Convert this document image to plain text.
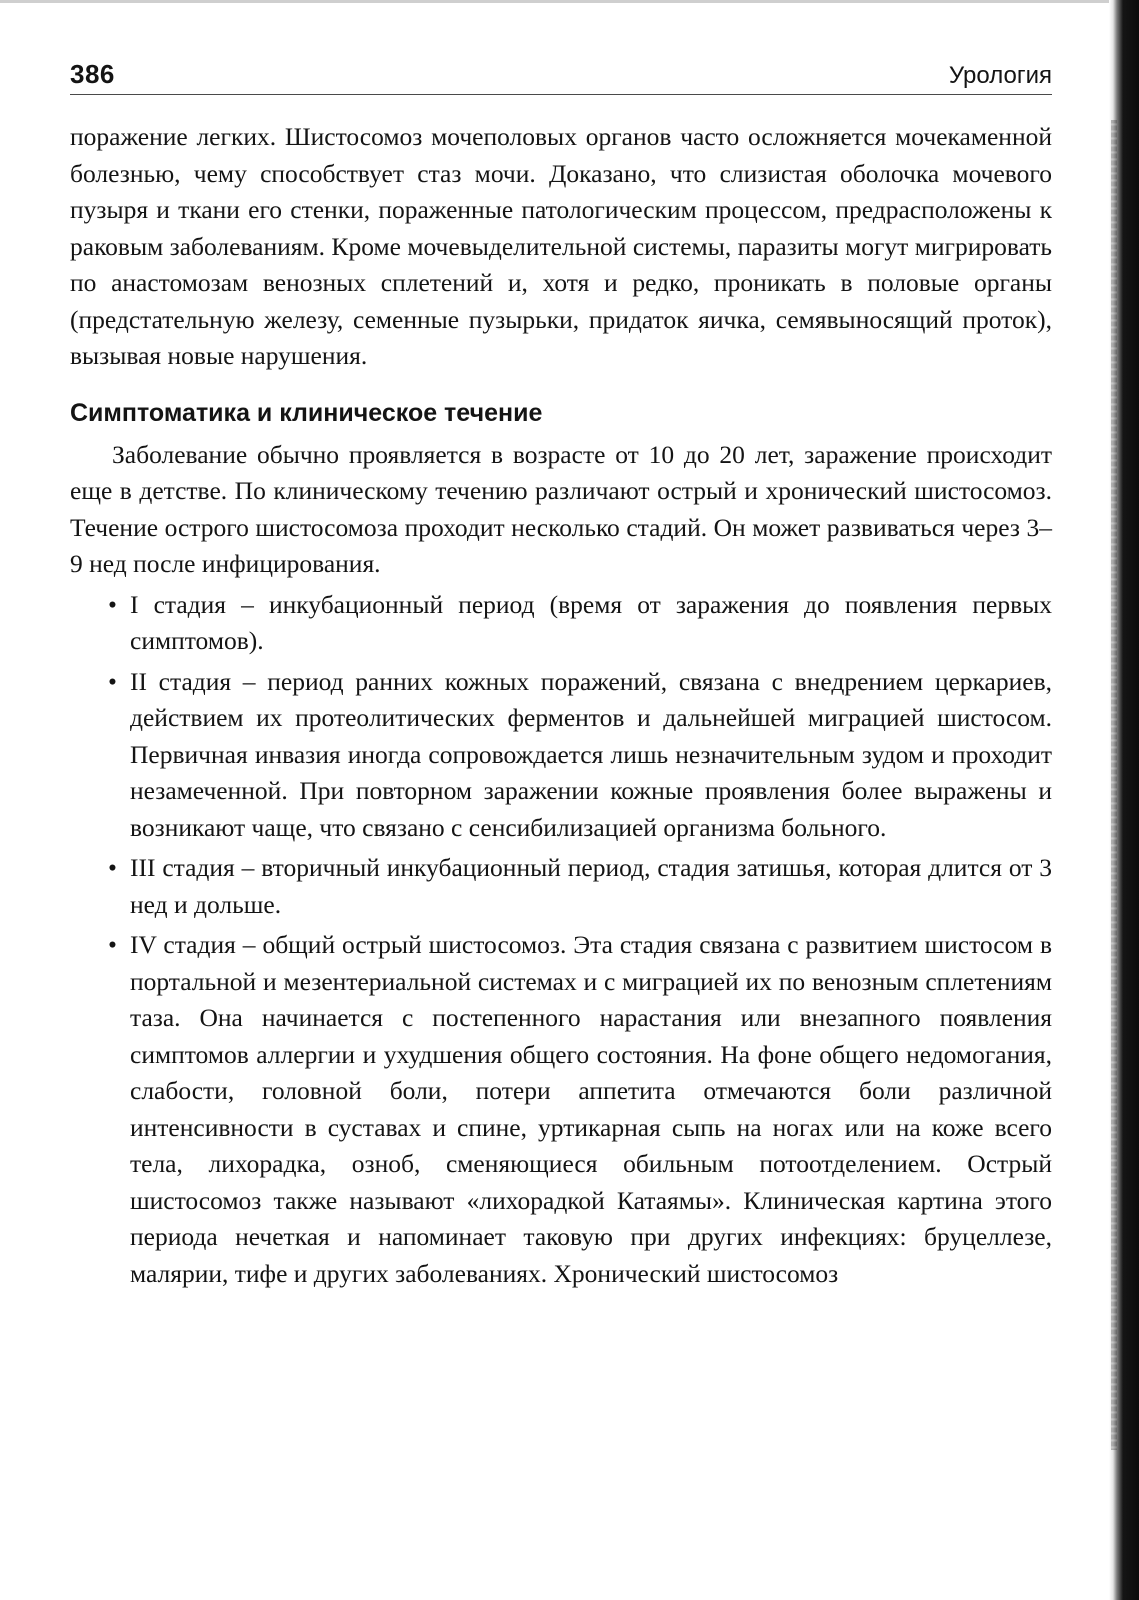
386	Урология

поражение легких. Шистосомоз мочеполовых органов часто осложняется мочекаменной болезнью, чему способствует стаз мочи. Доказано, что слизистая оболочка мочевого пузыря и ткани его стенки, пораженные патологическим процессом, предрасположены к раковым заболеваниям. Кроме мочевыделительной системы, паразиты могут мигрировать по анастомозам венозных сплетений и, хотя и редко, проникать в половые органы (предстательную железу, семенные пузырьки, придаток яичка, семявыносящий проток), вызывая новые нарушения.

Симптоматика и клиническое течение

Заболевание обычно проявляется в возрасте от 10 до 20 лет, заражение происходит еще в детстве. По клиническому течению различают острый и хронический шистосомоз. Течение острого шистосомоза проходит несколько стадий. Он может развиваться через 3–9 нед после инфицирования.

• I стадия – инкубационный период (время от заражения до появления первых симптомов).

• II стадия – период ранних кожных поражений, связана с внедрением церкариев, действием их протеолитических ферментов и дальнейшей миграцией шистосом. Первичная инвазия иногда сопровождается лишь незначительным зудом и проходит незамеченной. При повторном заражении кожные проявления более выражены и возникают чаще, что связано с сенсибилизацией организма больного.

• III стадия – вторичный инкубационный период, стадия затишья, которая длится от 3 нед и дольше.

• IV стадия – общий острый шистосомоз. Эта стадия связана с развитием шистосом в портальной и мезентериальной системах и с миграцией их по венозным сплетениям таза. Она начинается с постепенного нарастания или внезапного появления симптомов аллергии и ухудшения общего состояния. На фоне общего недомогания, слабости, головной боли, потери аппетита отмечаются боли различной интенсивности в суставах и спине, уртикарная сыпь на ногах или на коже всего тела, лихорадка, озноб, сменяющиеся обильным потоотделением. Острый шистосомоз также называют «лихорадкой Катаямы». Клиническая картина этого периода нечеткая и напоминает таковую при других инфекциях: бруцеллезе, малярии, тифе и других заболеваниях. Хронический шистосомоз
